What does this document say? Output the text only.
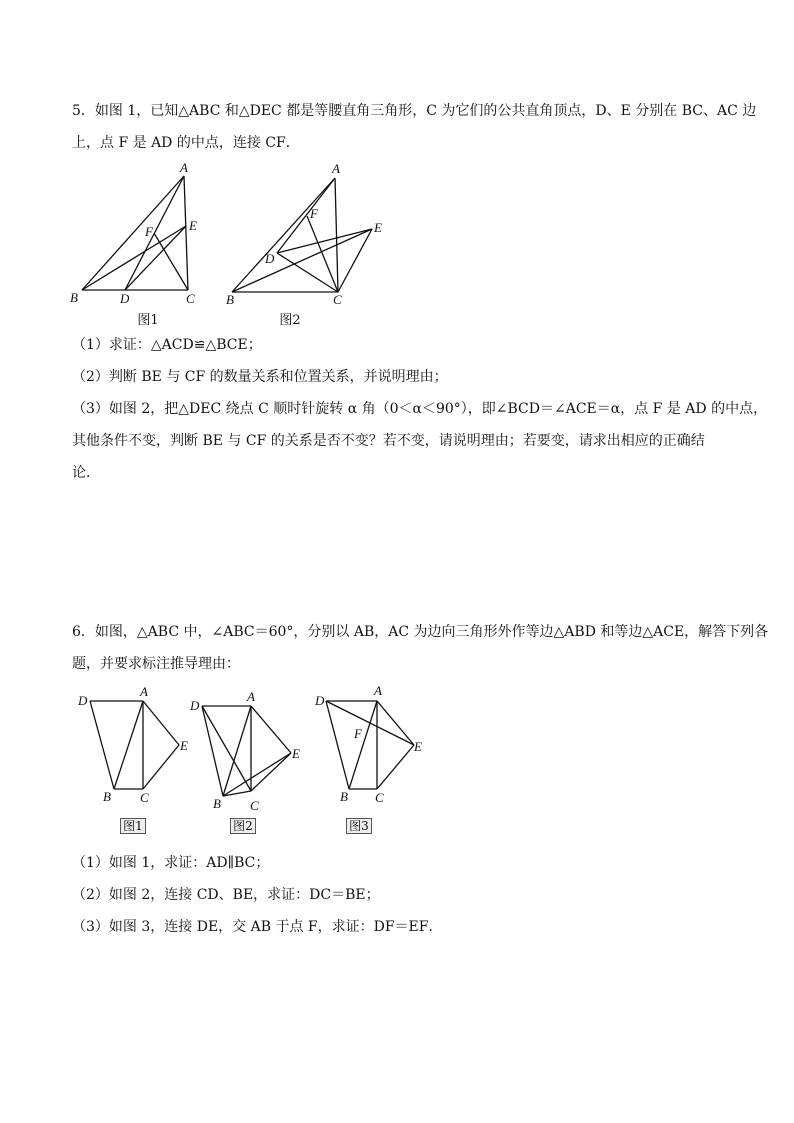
5．如图 1，已知△ABC 和△DEC 都是等腰直角三角形，C 为它们的公共直角顶点，D、E 分别在 BC、AC 边
上，点 F 是 AD 的中点，连接 CF．
A
B	C
D
E
F
图1
A
B	C
D
E
F
图2
（1）求证：△ACD≌△BCE；
（2）判断 BE 与 CF 的数量关系和位置关系，并说明理由；
（3）如图 2，把△DEC 绕点 C 顺时针旋转 α 角（0＜α＜90°），即∠BCD＝∠ACE＝α，点 F 是 AD 的中点，
其他条件不变，判断 BE 与 CF 的关系是否不变？若不变，请说明理由；若要变，请求出相应的正确结
论．
6．如图，△ABC 中，∠ABC＝60°，分别以 AB，AC 为边向三角形外作等边△ABD 和等边△ACE，解答下列各
题，并要求标注推导理由：
A
B C
D
E
图1
A
B C
D
E
图2
A
B C
D
E
F
图3
（1）如图 1，求证：AD∥BC；
（2）如图 2，连接 CD、BE，求证：DC＝BE；
（3）如图 3，连接 DE，交 AB 于点 F，求证：DF＝EF．
